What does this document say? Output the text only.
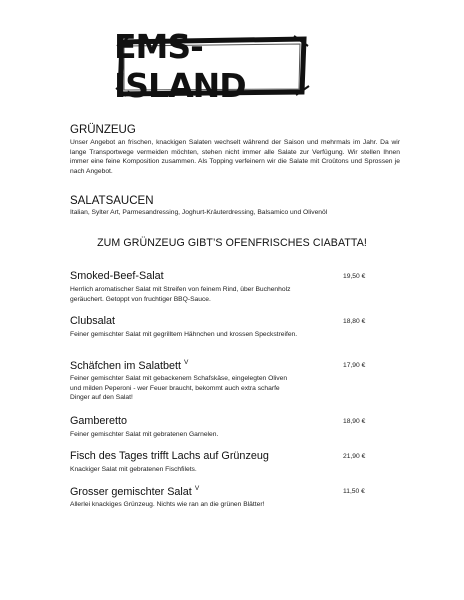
EMS-ISLAND
GRÜNZEUG
Unser Angebot an frischen, knackigen Salaten wechselt während der Saison und mehrmals im Jahr. Da wir lange Transportwege vermeiden möchten, stehen nicht immer alle Salate zur Verfügung. Wir stellen Ihnen immer eine feine Komposition zusammen. Als Topping verfeinern wir die Salate mit Croûtons und Sprossen je nach Angebot.
SALATSAUCEN
Italian, Sylter Art, Parmesandressing, Joghurt-Kräuterdressing, Balsamico und Olivenöl
ZUM GRÜNZEUG GIBT’S OFENFRISCHES CIABATTA!
Smoked-Beef-Salat	19,50 €
Herrlich aromatischer Salat mit Streifen von feinem Rind, über Buchenholz geräuchert. Getoppt von fruchtiger BBQ-Sauce.
Clubsalat	18,80 €
Feiner gemischter Salat mit gegrilltem Hähnchen und krossen Speckstreifen.
Schäfchen im Salatbett $^V$	17,90 €
Feiner gemischter Salat mit gebackenem Schafskäse, eingelegten Oliven und milden Peperoni - wer Feuer braucht, bekommt auch extra scharfe Dinger auf den Salat!
Gamberetto	18,90 €
Feiner gemischter Salat mit gebratenen Garnelen.
Fisch des Tages trifft Lachs auf Grünzeug	21,90 €
Knackiger Salat mit gebratenen Fischfilets.
Grosser gemischter Salat $^V$	11,50 €
Allerlei knackiges Grünzeug. Nichts wie ran an die grünen Blätter!
